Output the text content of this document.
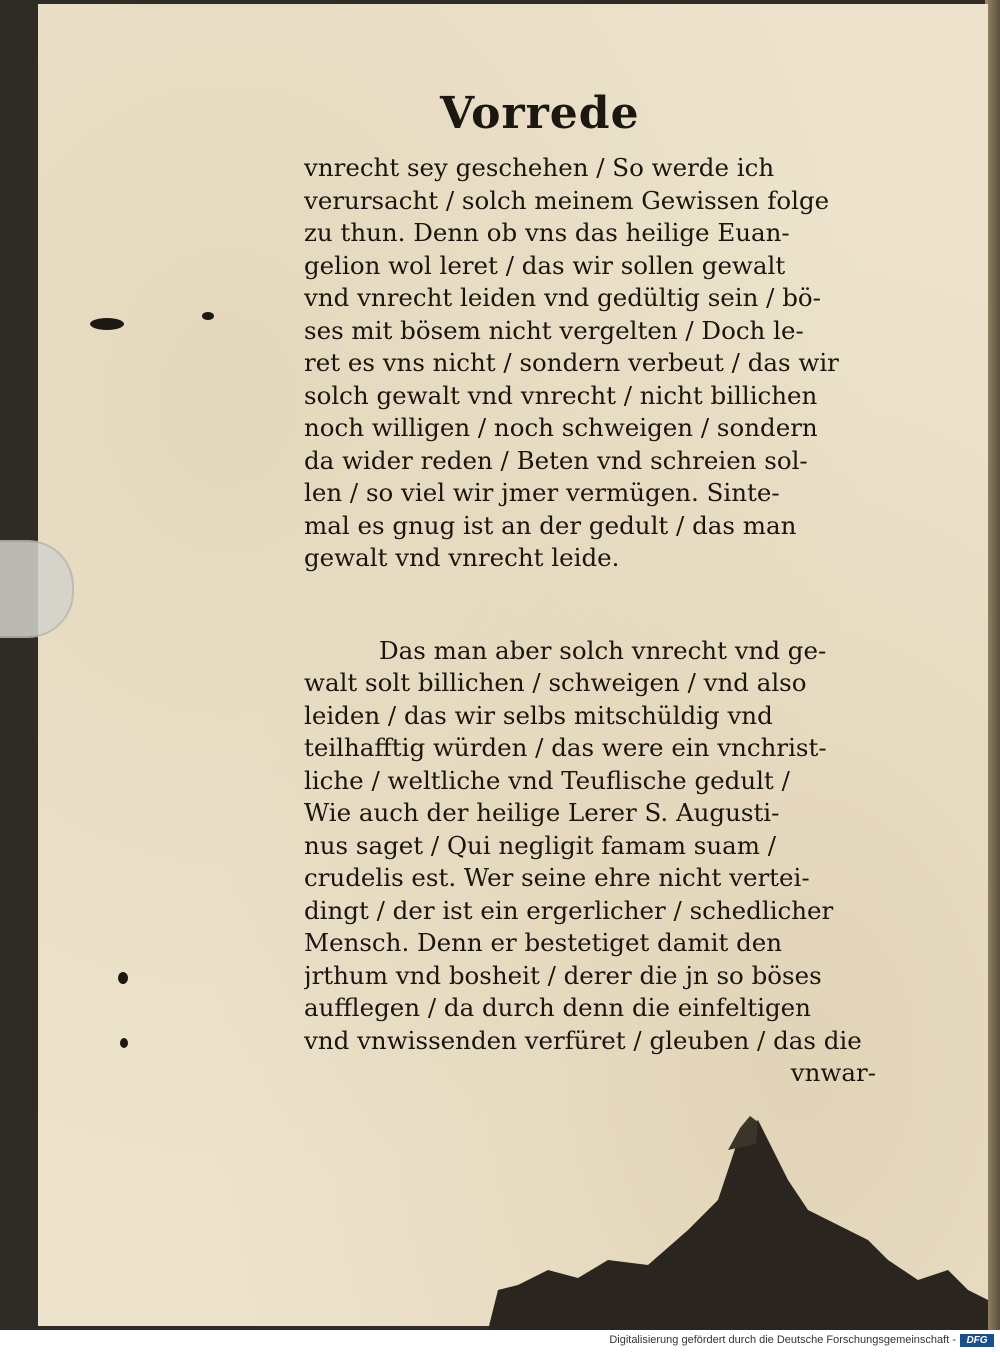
Vorrede
vnrecht sey geschehen / So werde ich
verursacht / solch meinem Gewissen folge
zu thun. Denn ob vns das heilige Euan-
gelion wol leret / das wir sollen gewalt
vnd vnrecht leiden vnd gedültig sein / bö-
ses mit bösem nicht vergelten / Doch le-
ret es vns nicht / sondern verbeut / das wir
solch gewalt vnd vnrecht / nicht billichen
noch willigen / noch schweigen / sondern
da wider reden / Beten vnd schreien sol-
len / so viel wir jmer vermügen. Sinte-
mal es gnug ist an der gedult / das man
gewalt vnd vnrecht leide.
Das man aber solch vnrecht vnd ge-
walt solt billichen / schweigen / vnd also
leiden / das wir selbs mitschüldig vnd
teilhafftig würden / das were ein vnchrist-
liche / weltliche vnd Teuflische gedult /
Wie auch der heilige Lerer S. Augusti-
nus saget / Qui negligit famam suam /
crudelis est. Wer seine ehre nicht vertei-
dingt / der ist ein ergerlicher / schedlicher
Mensch. Denn er bestetiget damit den
jrthum vnd bosheit / derer die jn so böses
aufflegen / da durch denn die einfeltigen
vnd vnwissenden verfüret / gleuben / das die
vnwar-
Digitalisierung gefördert durch die Deutsche Forschungsgemeinschaft -	DFG
